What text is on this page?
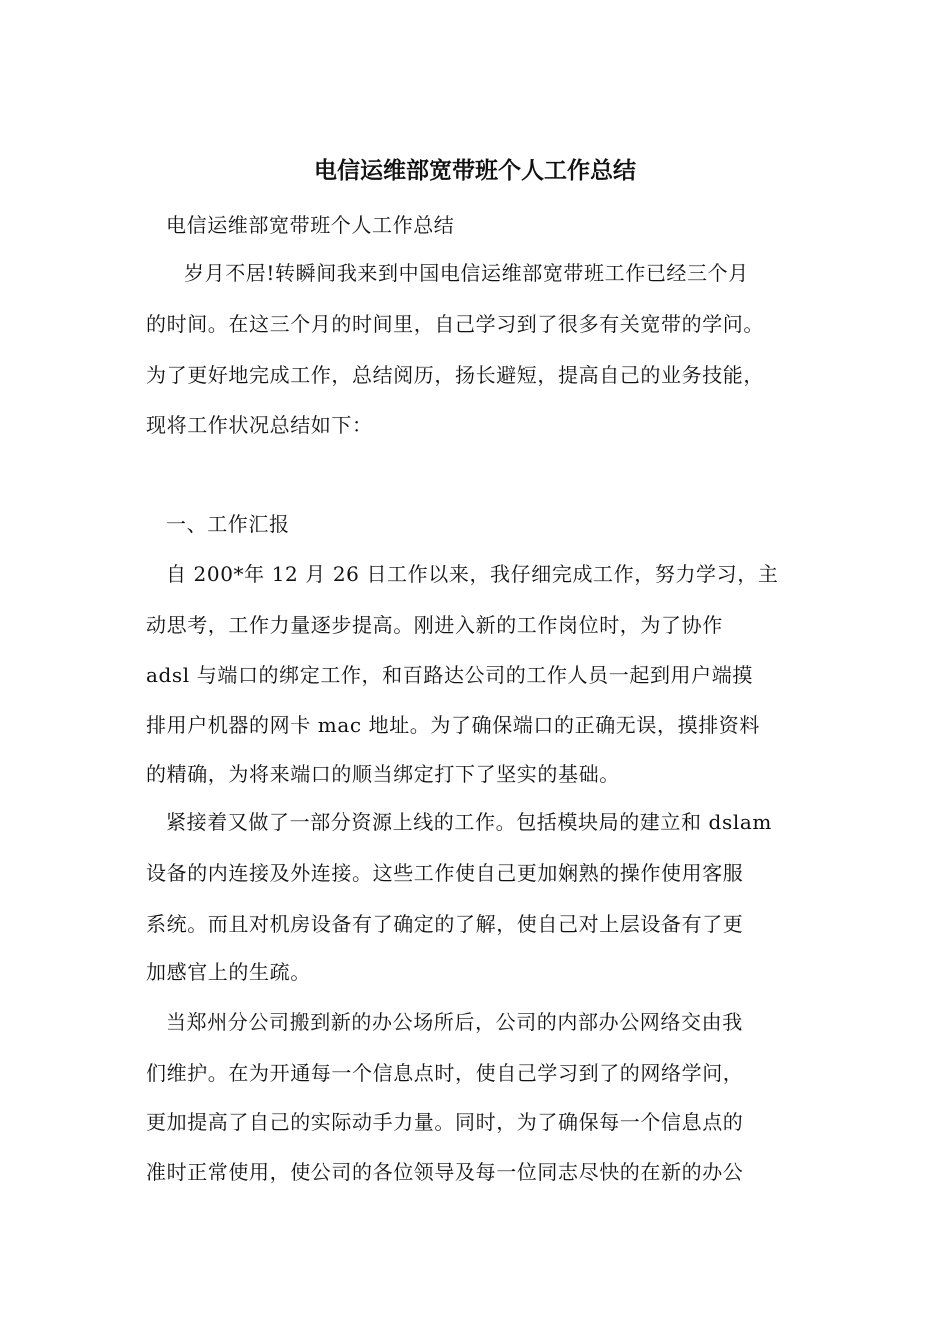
电信运维部宽带班个人工作总结
电信运维部宽带班个人工作总结
岁月不居!转瞬间我来到中国电信运维部宽带班工作已经三个月
的时间。在这三个月的时间里，自己学习到了很多有关宽带的学问。
为了更好地完成工作，总结阅历，扬长避短，提高自己的业务技能，
现将工作状况总结如下：
一、工作汇报
自 200*年 12 月 26 日工作以来，我仔细完成工作，努力学习，主
动思考，工作力量逐步提高。刚进入新的工作岗位时，为了协作
adsl 与端口的绑定工作，和百路达公司的工作人员一起到用户端摸
排用户机器的网卡 mac 地址。为了确保端口的正确无误，摸排资料
的精确，为将来端口的顺当绑定打下了坚实的基础。
紧接着又做了一部分资源上线的工作。包括模块局的建立和 dslam
设备的内连接及外连接。这些工作使自己更加娴熟的操作使用客服
系统。而且对机房设备有了确定的了解，使自己对上层设备有了更
加感官上的生疏。
当郑州分公司搬到新的办公场所后，公司的内部办公网络交由我
们维护。在为开通每一个信息点时，使自己学习到了的网络学问，
更加提高了自己的实际动手力量。同时，为了确保每一个信息点的
准时正常使用，使公司的各位领导及每一位同志尽快的在新的办公
